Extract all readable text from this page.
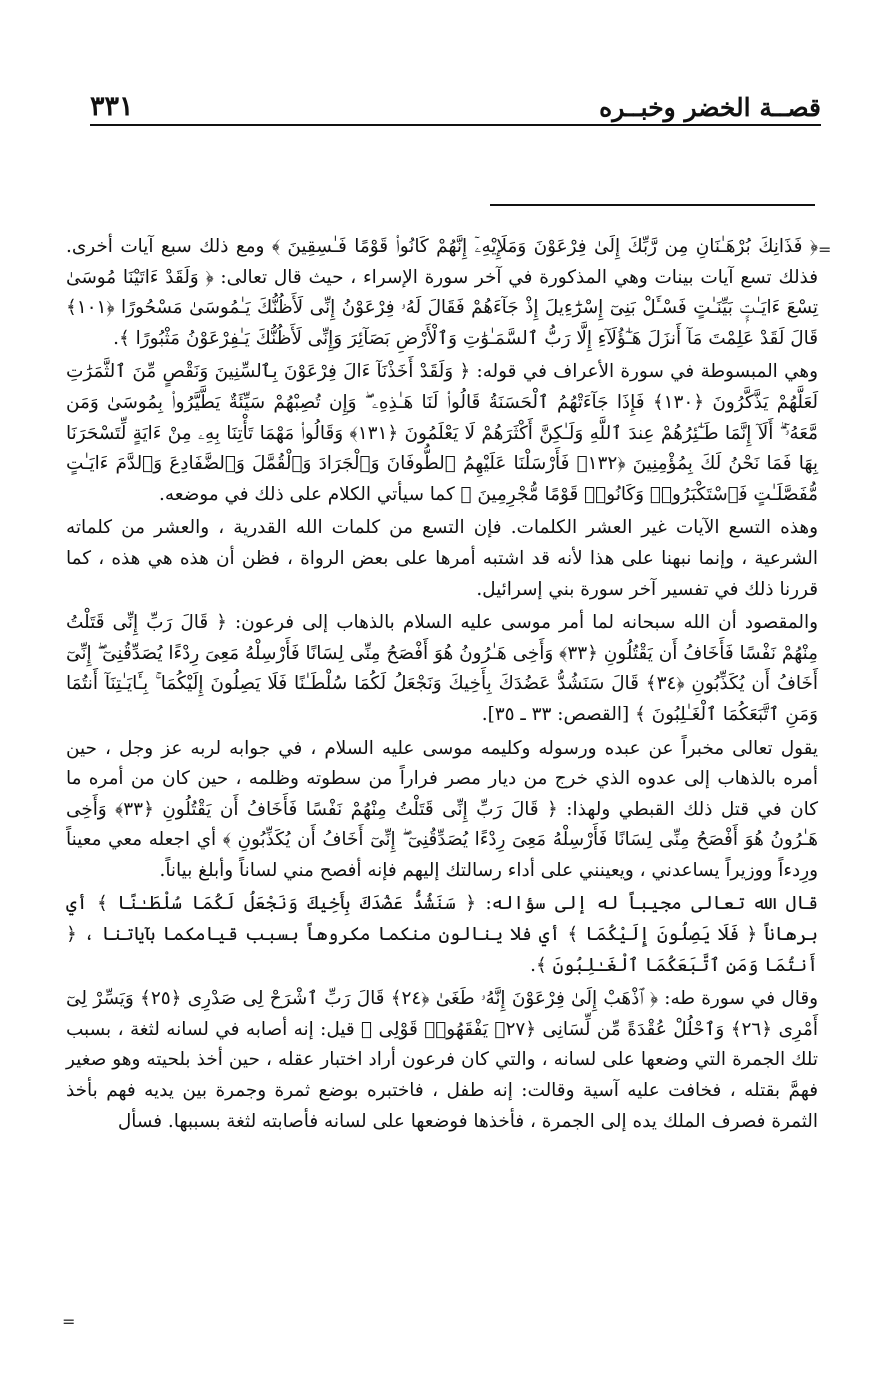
قصــة الخضر وخبــره
٣٣١
=
=

﴿ فَذَانِكَ بُرْهَـٰنَانِ مِن رَّبِّكَ إِلَىٰ فِرْعَوْنَ وَمَلَإِيْهِۦٓ إِنَّهُمْ كَانُوا۟ قَوْمًا فَـٰسِقِينَ ﴾ ومع ذلك سبع آيات أخرى. فذلك تسع آيات بينات وهي المذكورة في آخر سورة الإسراء ، حيث قال تعالى: ﴿ وَلَقَدْ ءَاتَيْنَا مُوسَىٰ تِسْعَ ءَايَـٰتٍۭ بَيِّنَـٰتٍ فَسْـَٔلْ بَنِىٓ إِسْرَٰٓءِيلَ إِذْ جَآءَهُمْ فَقَالَ لَهُۥ فِرْعَوْنُ إِنِّى لَأَظُنُّكَ يَـٰمُوسَىٰ مَسْحُورًا ﴿١٠١﴾ قَالَ لَقَدْ عَلِمْتَ مَآ أَنزَلَ هَـٰٓؤُلَآءِ إِلَّا رَبُّ ٱلسَّمَـٰوَٰتِ وَٱلْأَرْضِ بَصَآئِرَ وَإِنِّى لَأَظُنُّكَ يَـٰفِرْعَوْنُ مَثْبُورًا ﴾.

وهي المبسوطة في سورة الأعراف في قوله: ﴿ وَلَقَدْ أَخَذْنَآ ءَالَ فِرْعَوْنَ بِٱلسِّنِينَ وَنَقْصٍ مِّنَ ٱلثَّمَرَٰتِ لَعَلَّهُمْ يَذَّكَّرُونَ ﴿١٣٠﴾ فَإِذَا جَآءَتْهُمُ ٱلْحَسَنَةُ قَالُوا۟ لَنَا هَـٰذِهِۦ ۖ وَإِن تُصِبْهُمْ سَيِّئَةٌ يَطَّيَّرُوا۟ بِمُوسَىٰ وَمَن مَّعَهُۥٓ ۗ أَلَآ إِنَّمَا طَـٰٓئِرُهُمْ عِندَ ٱللَّهِ وَلَـٰكِنَّ أَكْثَرَهُمْ لَا يَعْلَمُونَ ﴿١٣١﴾ وَقَالُوا۟ مَهْمَا تَأْتِنَا بِهِۦ مِنْ ءَايَةٍ لِّتَسْحَرَنَا بِهَا فَمَا نَحْنُ لَكَ بِمُؤْمِنِينَ ﴿١٣٢﴾ فَأَرْسَلْنَا عَلَيْهِمُ ٱلطُّوفَانَ وَٱلْجَرَادَ وَٱلْقُمَّلَ وَٱلضَّفَادِعَ وَٱلدَّمَ ءَايَـٰتٍ مُّفَصَّلَـٰتٍ فَٱسْتَكْبَرُوا۟ وَكَانُوا۟ قَوْمًا مُّجْرِمِينَ ﴾ كما سيأتي الكلام على ذلك في موضعه.

وهذه التسع الآيات غير العشر الكلمات. فإن التسع من كلمات الله القدرية ، والعشر من كلماته الشرعية ، وإنما نبهنا على هذا لأنه قد اشتبه أمرها على بعض الرواة ، فظن أن هذه هي هذه ، كما قررنا ذلك في تفسير آخر سورة بني إسرائيل.

والمقصود أن الله سبحانه لما أمر موسى عليه السلام بالذهاب إلى فرعون: ﴿ قَالَ رَبِّ إِنِّى قَتَلْتُ مِنْهُمْ نَفْسًا فَأَخَافُ أَن يَقْتُلُونِ ﴿٣٣﴾ وَأَخِى هَـٰرُونُ هُوَ أَفْصَحُ مِنِّى لِسَانًا فَأَرْسِلْهُ مَعِىَ رِدْءًا يُصَدِّقُنِىٓ ۖ إِنِّىٓ أَخَافُ أَن يُكَذِّبُونِ ﴿٣٤﴾ قَالَ سَنَشُدُّ عَضُدَكَ بِأَخِيكَ وَنَجْعَلُ لَكُمَا سُلْطَـٰنًا فَلَا يَصِلُونَ إِلَيْكُمَا ۚ بِـَٔايَـٰتِنَآ أَنتُمَا وَمَنِ ٱتَّبَعَكُمَا ٱلْغَـٰلِبُونَ ﴾ [القصص: ٣٣ ـ ٣٥].

يقول تعالى مخبراً عن عبده ورسوله وكليمه موسى عليه السلام ، في جوابه لربه عز وجل ، حين أمره بالذهاب إلى عدوه الذي خرج من ديار مصر فراراً من سطوته وظلمه ، حين كان من أمره ما كان في قتل ذلك القبطي ولهذا: ﴿ قَالَ رَبِّ إِنِّى قَتَلْتُ مِنْهُمْ نَفْسًا فَأَخَافُ أَن يَقْتُلُونِ ﴿٣٣﴾ وَأَخِى هَـٰرُونُ هُوَ أَفْصَحُ مِنِّى لِسَانًا فَأَرْسِلْهُ مَعِىَ رِدْءًا يُصَدِّقُنِىٓ ۖ إِنِّىٓ أَخَافُ أَن يُكَذِّبُونِ ﴾ أي اجعله معي معيناً ورِدءاً ووزيراً يساعدني ، ويعينني على أداء رسالتك إليهم فإنه أفصح مني لساناً وأبلغ بياناً.

قال الله تعالى مجيباً له إلى سؤاله: ﴿ سَنَشُدُّ عَضُدَكَ بِأَخِيكَ وَنَجْعَلُ لَكُمَا سُلْطَـٰنًا ﴾ أي برهاناً ﴿ فَلَا يَصِلُونَ إِلَيْكُمَا ﴾ أي فلا ينالون منكما مكروهاً بسبب قيامكما بآياتنا ، ﴿ أَنتُمَا وَمَنِ ٱتَّبَعَكُمَا ٱلْغَـٰلِبُونَ ﴾.

وقال في سورة طه: ﴿ ٱذْهَبْ إِلَىٰ فِرْعَوْنَ إِنَّهُۥ طَغَىٰ ﴿٢٤﴾ قَالَ رَبِّ ٱشْرَحْ لِى صَدْرِى ﴿٢٥﴾ وَيَسِّرْ لِىٓ أَمْرِى ﴿٢٦﴾ وَٱحْلُلْ عُقْدَةً مِّن لِّسَانِى ﴿٢٧﴾ يَفْقَهُوا۟ قَوْلِى ﴾ قيل: إنه أصابه في لسانه لثغة ، بسبب تلك الجمرة التي وضعها على لسانه ، والتي كان فرعون أراد اختبار عقله ، حين أخذ بلحيته وهو صغير فهمَّ بقتله ، فخافت عليه آسية وقالت: إنه طفل ، فاختبره بوضع ثمرة وجمرة بين يديه فهم بأخذ الثمرة فصرف الملك يده إلى الجمرة ، فأخذها فوضعها على لسانه فأصابته لثغة بسببها. فسأل
